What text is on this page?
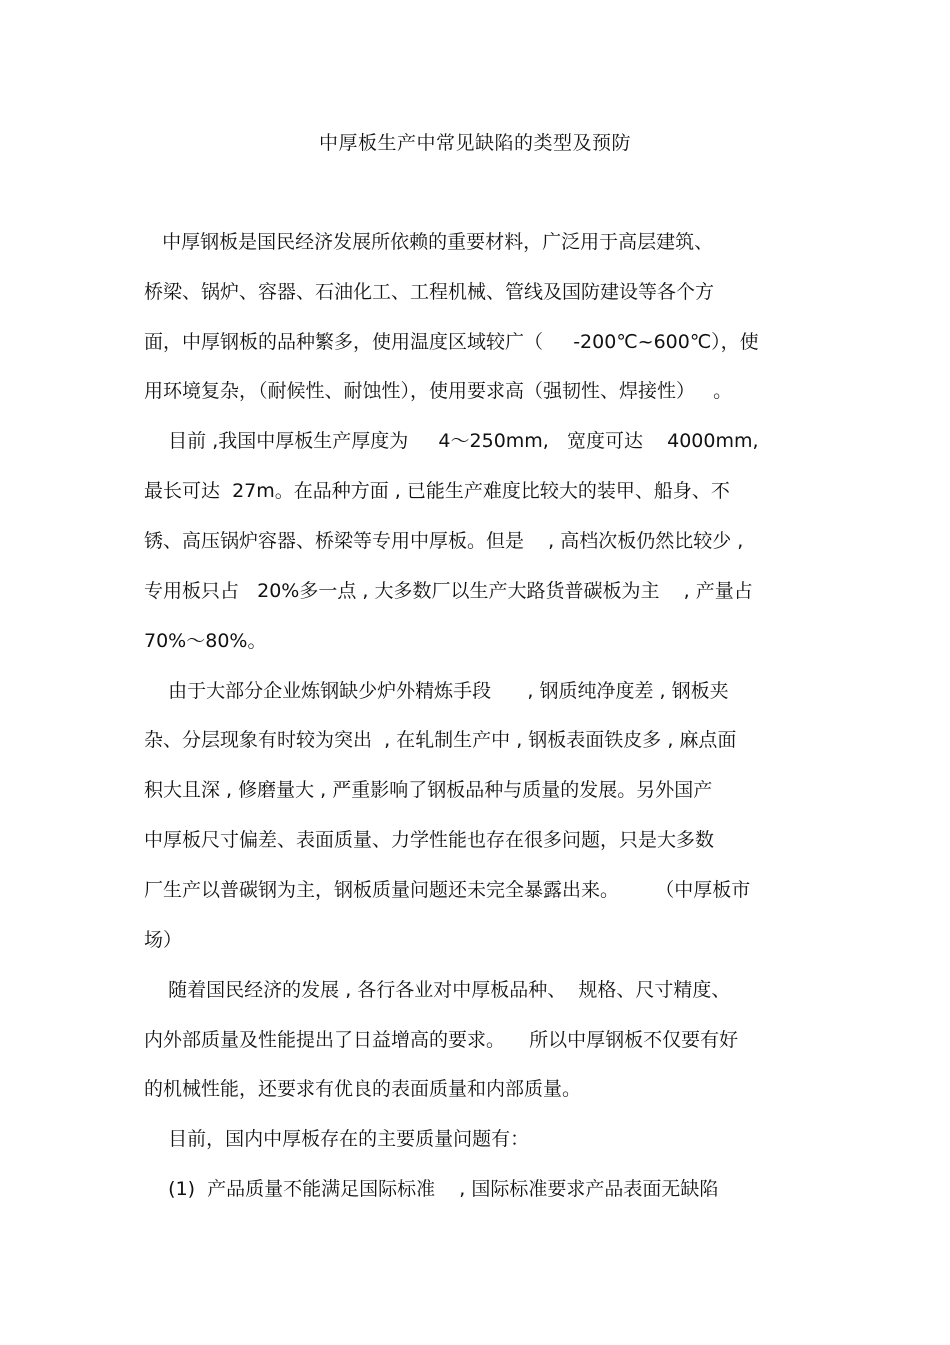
中厚板生产中常见缺陷的类型及预防
中厚钢板是国民经济发展所依赖的重要材料，广泛用于高层建筑、
桥梁、锅炉、容器、石油化工、工程机械、管线及国防建设等各个方
面，中厚钢板的品种繁多，使用温度区域较广（     -200℃~600℃），使
用环境复杂，（耐候性、耐蚀性），使用要求高（强韧性、焊接性）   。
目前 ,我国中厚板生产厚度为     4～250mm,   宽度可达    4000mm,
最长可达  27m。在品种方面 , 已能生产难度比较大的装甲、船身、不
锈、高压锅炉容器、桥梁等专用中厚板。但是    , 高档次板仍然比较少 ,
专用板只占   20%多一点 , 大多数厂以生产大路货普碳板为主    , 产量占
70%～80%。
由于大部分企业炼钢缺少炉外精炼手段      , 钢质纯净度差 , 钢板夹
杂、分层现象有时较为突出  , 在轧制生产中 , 钢板表面铁皮多 , 麻点面
积大且深 , 修磨量大 , 严重影响了钢板品种与质量的发展。另外国产
中厚板尺寸偏差、表面质量、力学性能也存在很多问题，只是大多数
厂生产以普碳钢为主，钢板质量问题还未完全暴露出来。      （中厚板市
场）
随着国民经济的发展 , 各行各业对中厚板品种、  规格、尺寸精度、
内外部质量及性能提出了日益增高的要求。    所以中厚钢板不仅要有好
的机械性能，还要求有优良的表面质量和内部质量。
目前，国内中厚板存在的主要质量问题有：
(1)  产品质量不能满足国际标准    , 国际标准要求产品表面无缺陷
